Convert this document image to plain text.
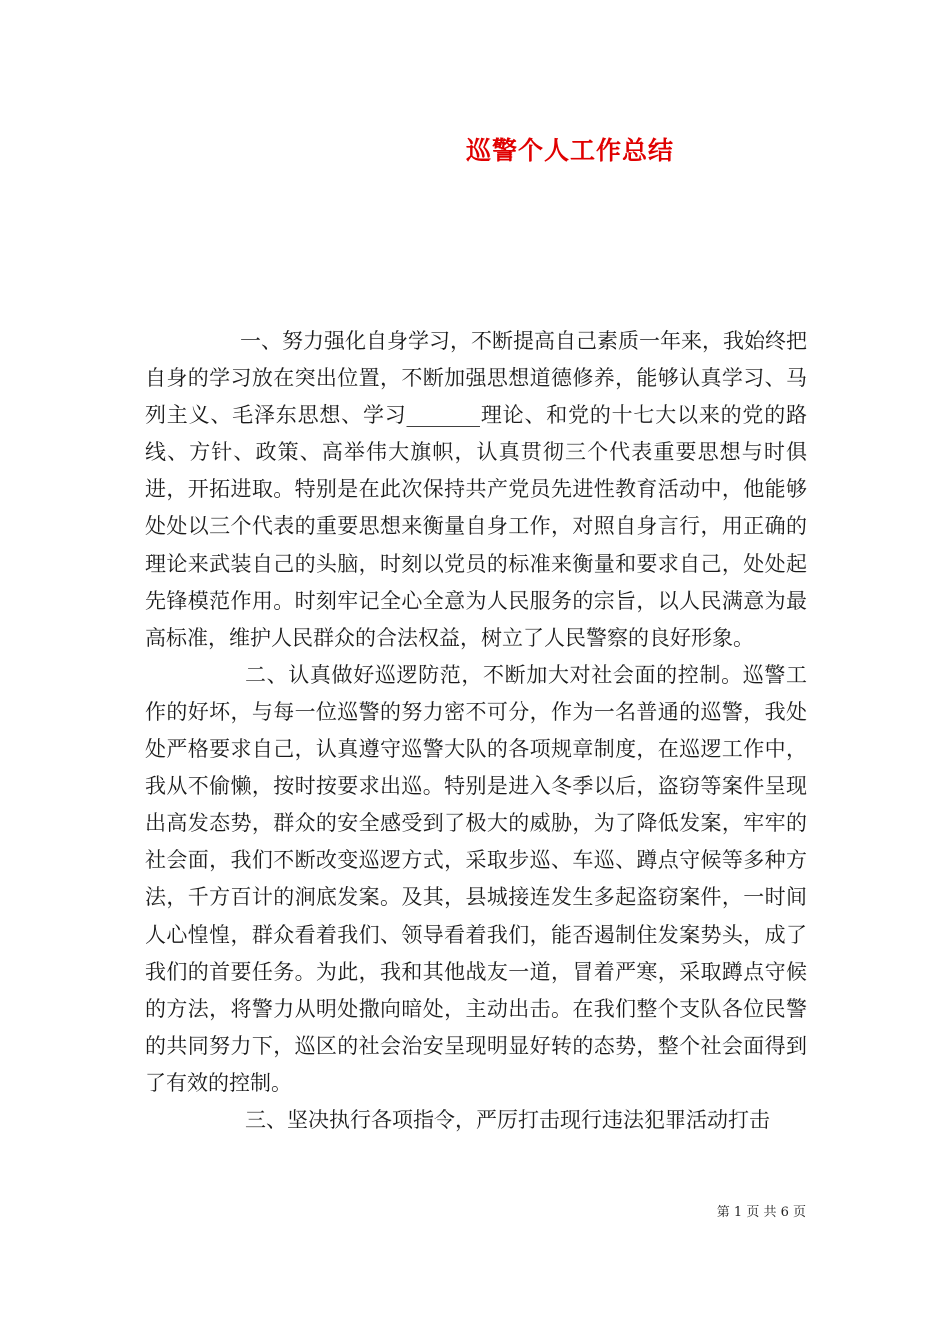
巡警个人工作总结

一、努力强化自身学习，不断提高自己素质一年来，我始终把自身的学习放在突出位置，不断加强思想道德修养，能够认真学习、马列主义、毛泽东思想、学习_______理论、和党的十七大以来的党的路线、方针、政策、高举伟大旗帜，认真贯彻三个代表重要思想与时俱进，开拓进取。特别是在此次保持共产党员先进性教育活动中，他能够处处以三个代表的重要思想来衡量自身工作，对照自身言行，用正确的理论来武装自己的头脑，时刻以党员的标准来衡量和要求自己，处处起先锋模范作用。时刻牢记全心全意为人民服务的宗旨，以人民满意为最高标准，维护人民群众的合法权益，树立了人民警察的良好形象。

二、认真做好巡逻防范，不断加大对社会面的控制。巡警工作的好坏，与每一位巡警的努力密不可分，作为一名普通的巡警，我处处严格要求自己，认真遵守巡警大队的各项规章制度，在巡逻工作中，我从不偷懒，按时按要求出巡。特别是进入冬季以后，盗窃等案件呈现出高发态势，群众的安全感受到了极大的威胁，为了降低发案，牢牢的社会面，我们不断改变巡逻方式，采取步巡、车巡、蹲点守候等多种方法，千方百计的涧底发案。及其，县城接连发生多起盗窃案件，一时间人心惶惶，群众看着我们、领导看着我们，能否遏制住发案势头，成了我们的首要任务。为此，我和其他战友一道，冒着严寒，采取蹲点守候的方法，将警力从明处撒向暗处，主动出击。在我们整个支队各位民警的共同努力下，巡区的社会治安呈现明显好转的态势，整个社会面得到了有效的控制。

三、坚决执行各项指令，严厉打击现行违法犯罪活动打击

第 1 页 共 6 页
